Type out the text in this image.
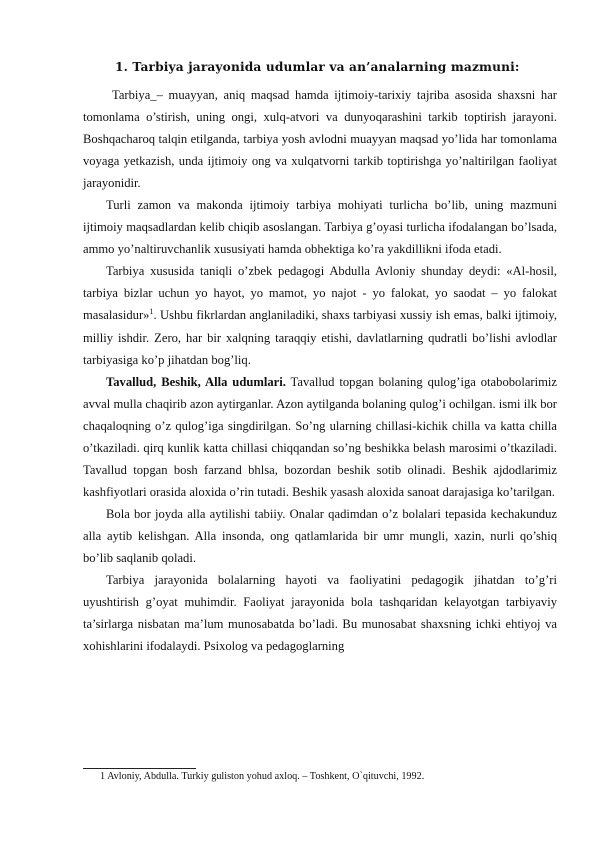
1. Tarbiya jarayonida udumlar va an’analarning mazmuni:

Tarbiya_– muayyan, aniq maqsad hamda ijtimoiy-tarixiy tajriba asosida shaxsni har tomonlama o’stirish, uning ongi, xulq-atvori va dunyoqarashini tarkib toptirish jarayoni. Boshqacharoq talqin etilganda, tarbiya yosh avlodni muayyan maqsad yo’lida har tomonlama voyaga yetkazish, unda ijtimoiy ong va xulqatvorni tarkib toptirishga yo’naltirilgan faoliyat jarayonidir.

Turli zamon va makonda ijtimoiy tarbiya mohiyati turlicha bo’lib, uning mazmuni ijtimoiy maqsadlardan kelib chiqib asoslangan. Tarbiya g’oyasi turlicha ifodalangan bo’lsada, ammo yo’naltiruvchanlik xususiyati hamda obhektiga ko’ra yakdillikni ifoda etadi.

Tarbiya xususida taniqli o’zbek pedagogi Abdulla Avloniy shunday deydi: «Al-hosil, tarbiya bizlar uchun yo hayot, yo mamot, yo najot - yo falokat, yo saodat – yo falokat masalasidur»$^1$. Ushbu fikrlardan anglaniladiki, shaxs tarbiyasi xussiy ish emas, balki ijtimoiy, milliy ishdir. Zero, har bir xalqning taraqqiy etishi, davlatlarning qudratli bo’lishi avlodlar tarbiyasiga ko’p jihatdan bog’liq.

Tavallud, Beshik, Alla udumlari. Tavallud topgan bolaning qulog’iga otabobolarimiz avval mulla chaqirib azon aytirganlar. Azon aytilganda bolaning qulog’i ochilgan. ismi ilk bor chaqaloqning o’z qulog’iga singdirilgan. So’ng ularning chillasi-kichik chilla va katta chilla o’tkaziladi. qirq kunlik katta chillasi chiqqandan so’ng beshikka belash marosimi o’tkaziladi. Tavallud topgan bosh farzand bhlsa, bozordan beshik sotib olinadi. Beshik ajdodlarimiz kashfiyotlari orasida aloxida o’rin tutadi. Beshik yasash aloxida sanoat darajasiga ko’tarilgan.

Bola bor joyda alla aytilishi tabiiy. Onalar qadimdan o’z bolalari tepasida kechakunduz alla aytib kelishgan. Alla insonda, ong qatlamlarida bir umr mungli, xazin, nurli qo’shiq bo’lib saqlanib qoladi.

Tarbiya jarayonida bolalarning hayoti va faoliyatini pedagogik jihatdan to’g’ri uyushtirish g’oyat muhimdir. Faoliyat jarayonida bola tashqaridan kelayotgan tarbiyaviy ta’sirlarga nisbatan ma’lum munosabatda bo’ladi. Bu munosabat shaxsning ichki ehtiyoj va xohishlarini ifodalaydi. Psixolog va pedagoglarning

1 Avloniy, Abdulla. Turkiy guliston yohud axloq. – Toshkent, O`qituvchi, 1992.
